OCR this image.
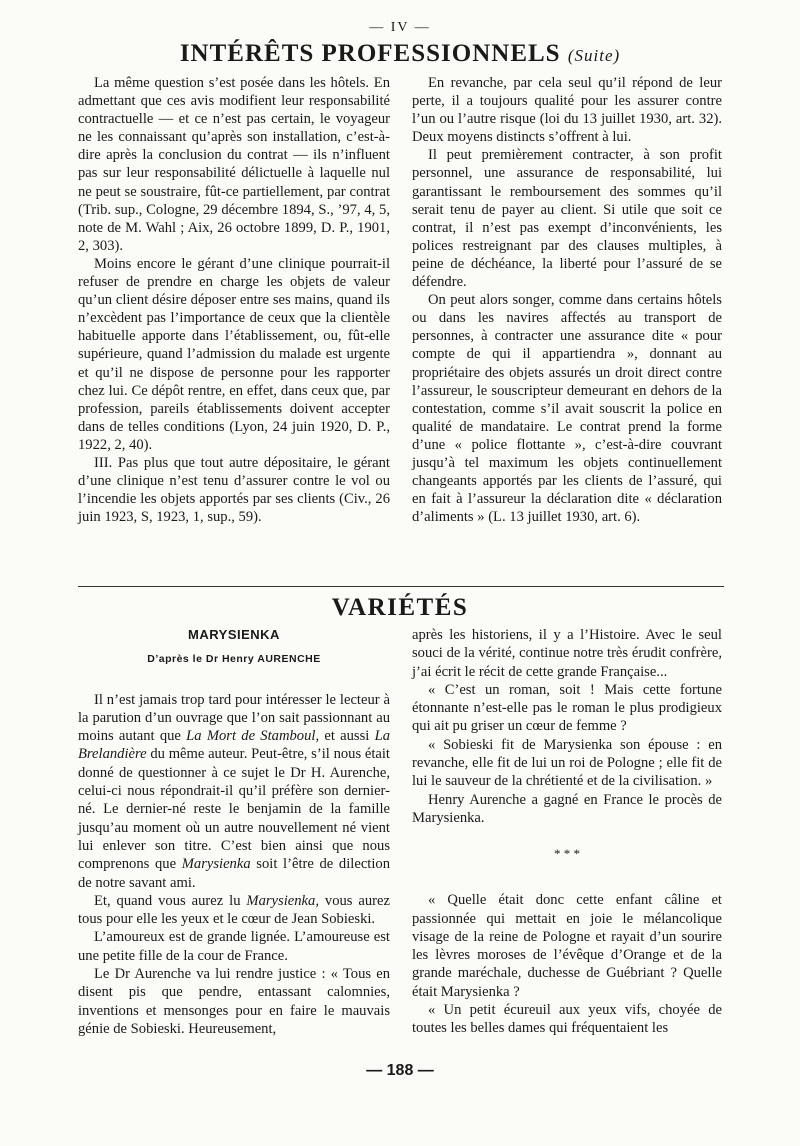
— IV —
INTÉRÊTS PROFESSIONNELS (Suite)

La même question s’est posée dans les hôtels. En admettant que ces avis modifient leur responsabilité contractuelle — et ce n’est pas certain, le voyageur ne les connaissant qu’après son installation, c’est-à-dire après la conclusion du contrat — ils n’influent pas sur leur responsabilité délictuelle à laquelle nul ne peut se soustraire, fût-ce partiellement, par contrat (Trib. sup., Cologne, 29 décembre 1894, S., ’97, 4, 5, note de M. Wahl ; Aix, 26 octobre 1899, D. P., 1901, 2, 303).

Moins encore le gérant d’une clinique pourrait-il refuser de prendre en charge les objets de valeur qu’un client désire déposer entre ses mains, quand ils n’excèdent pas l’importance de ceux que la clientèle habituelle apporte dans l’établissement, ou, fût-elle supérieure, quand l’admission du malade est urgente et qu’il ne dispose de personne pour les rapporter chez lui. Ce dépôt rentre, en effet, dans ceux que, par profession, pareils établissements doivent accepter dans de telles conditions (Lyon, 24 juin 1920, D. P., 1922, 2, 40).

III. Pas plus que tout autre dépositaire, le gérant d’une clinique n’est tenu d’assurer contre le vol ou l’incendie les objets apportés par ses clients (Civ., 26 juin 1923, S, 1923, 1, sup., 59).

En revanche, par cela seul qu’il répond de leur perte, il a toujours qualité pour les assurer contre l’un ou l’autre risque (loi du 13 juillet 1930, art. 32). Deux moyens distincts s’offrent à lui.

Il peut premièrement contracter, à son profit personnel, une assurance de responsabilité, lui garantissant le remboursement des sommes qu’il serait tenu de payer au client. Si utile que soit ce contrat, il n’est pas exempt d’inconvénients, les polices restreignant par des clauses multiples, à peine de déchéance, la liberté pour l’assuré de se défendre.

On peut alors songer, comme dans certains hôtels ou dans les navires affectés au transport de personnes, à contracter une assurance dite « pour compte de qui il appartiendra », donnant au propriétaire des objets assurés un droit direct contre l’assureur, le souscripteur demeurant en dehors de la contestation, comme s’il avait souscrit la police en qualité de mandataire. Le contrat prend la forme d’une « police flottante », c’est-à-dire couvrant jusqu’à tel maximum les objets continuellement changeants apportés par les clients de l’assuré, qui en fait à l’assureur la déclaration dite « déclaration d’aliments » (L. 13 juillet 1930, art. 6).

VARIÉTÉS
MARYSIENKA
D’après le Dr Henry AURENCHE

Il n’est jamais trop tard pour intéresser le lecteur à la parution d’un ouvrage que l’on sait passionnant au moins autant que La Mort de Stamboul, et aussi La Brelandière du même auteur. Peut-être, s’il nous était donné de questionner à ce sujet le Dr H. Aurenche, celui-ci nous répondrait-il qu’il préfère son dernier-né. Le dernier-né reste le benjamin de la famille jusqu’au moment où un autre nouvellement né vient lui enlever son titre. C’est bien ainsi que nous comprenons que Marysienka soit l’être de dilection de notre savant ami.

Et, quand vous aurez lu Marysienka, vous aurez tous pour elle les yeux et le cœur de Jean Sobieski.

L’amoureux est de grande lignée. L’amoureuse est une petite fille de la cour de France.

Le Dr Aurenche va lui rendre justice : « Tous en disent pis que pendre, entassant calomnies, inventions et mensonges pour en faire le mauvais génie de Sobieski. Heureusement,

après les historiens, il y a l’Histoire. Avec le seul souci de la vérité, continue notre très érudit confrère, j’ai écrit le récit de cette grande Française...

« C’est un roman, soit ! Mais cette fortune étonnante n’est-elle pas le roman le plus prodigieux qui ait pu griser un cœur de femme ?

« Sobieski fit de Marysienka son épouse : en revanche, elle fit de lui un roi de Pologne ; elle fit de lui le sauveur de la chrétienté et de la civilisation. »

Henry Aurenche a gagné en France le procès de Marysienka.

* * *

« Quelle était donc cette enfant câline et passionnée qui mettait en joie le mélancolique visage de la reine de Pologne et rayait d’un sourire les lèvres moroses de l’évêque d’Orange et de la grande maréchale, duchesse de Guébriant ? Quelle était Marysienka ?

« Un petit écureuil aux yeux vifs, choyée de toutes les belles dames qui fréquentaient les

— 188 —
